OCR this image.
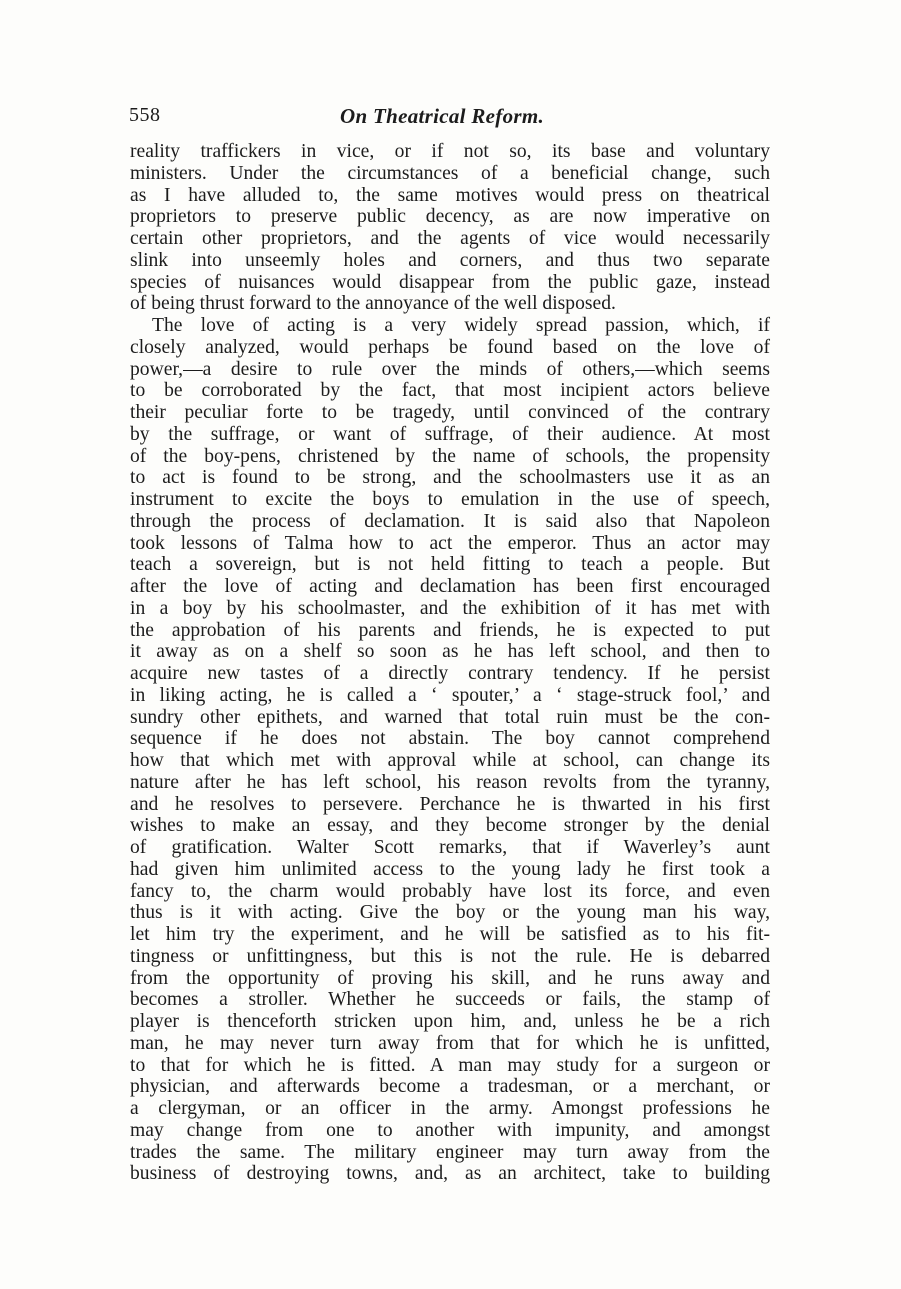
558	On Theatrical Reform.
reality traffickers in vice, or if not so, its base and voluntary
ministers. Under the circumstances of a beneficial change, such
as I have alluded to, the same motives would press on theatrical
proprietors to preserve public decency, as are now imperative on
certain other proprietors, and the agents of vice would necessarily
slink into unseemly holes and corners, and thus two separate
species of nuisances would disappear from the public gaze, instead
of being thrust forward to the annoyance of the well disposed.
The love of acting is a very widely spread passion, which, if
closely analyzed, would perhaps be found based on the love of
power,—a desire to rule over the minds of others,—which seems
to be corroborated by the fact, that most incipient actors believe
their peculiar forte to be tragedy, until convinced of the contrary
by the suffrage, or want of suffrage, of their audience. At most
of the boy-pens, christened by the name of schools, the propensity
to act is found to be strong, and the schoolmasters use it as an
instrument to excite the boys to emulation in the use of speech,
through the process of declamation. It is said also that Napoleon
took lessons of Talma how to act the emperor. Thus an actor may
teach a sovereign, but is not held fitting to teach a people. But
after the love of acting and declamation has been first encouraged
in a boy by his schoolmaster, and the exhibition of it has met with
the approbation of his parents and friends, he is expected to put
it away as on a shelf so soon as he has left school, and then to
acquire new tastes of a directly contrary tendency. If he persist
in liking acting, he is called a ‘ spouter,’ a ‘ stage-struck fool,’ and
sundry other epithets, and warned that total ruin must be the con-
sequence if he does not abstain. The boy cannot comprehend
how that which met with approval while at school, can change its
nature after he has left school, his reason revolts from the tyranny,
and he resolves to persevere. Perchance he is thwarted in his first
wishes to make an essay, and they become stronger by the denial
of gratification. Walter Scott remarks, that if Waverley’s aunt
had given him unlimited access to the young lady he first took a
fancy to, the charm would probably have lost its force, and even
thus is it with acting. Give the boy or the young man his way,
let him try the experiment, and he will be satisfied as to his fit-
tingness or unfittingness, but this is not the rule. He is debarred
from the opportunity of proving his skill, and he runs away and
becomes a stroller. Whether he succeeds or fails, the stamp of
player is thenceforth stricken upon him, and, unless he be a rich
man, he may never turn away from that for which he is unfitted,
to that for which he is fitted. A man may study for a surgeon or
physician, and afterwards become a tradesman, or a merchant, or
a clergyman, or an officer in the army. Amongst professions he
may change from one to another with impunity, and amongst
trades the same. The military engineer may turn away from the
business of destroying towns, and, as an architect, take to building
